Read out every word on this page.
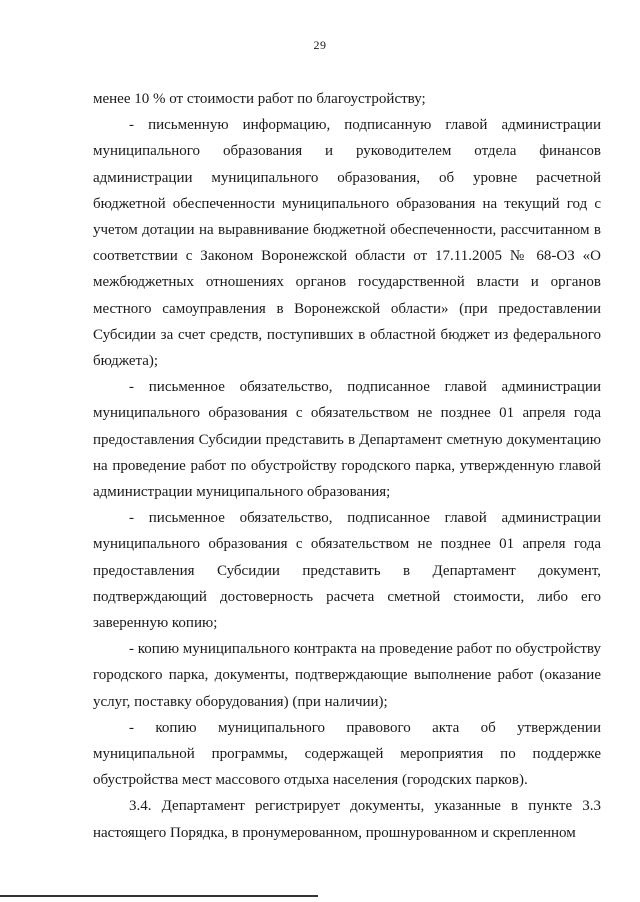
29

менее 10 % от стоимости работ по благоустройству;

- письменную информацию, подписанную главой администрации муниципального образования и руководителем отдела финансов администрации муниципального образования, об уровне расчетной бюджетной обеспеченности муниципального образования на текущий год с учетом дотации на выравнивание бюджетной обеспеченности, рассчитанном в соответствии с Законом Воронежской области от 17.11.2005 № 68-ОЗ «О межбюджетных отношениях органов государственной власти и органов местного самоуправления в Воронежской области» (при предоставлении Субсидии за счет средств, поступивших в областной бюджет из федерального бюджета);

- письменное обязательство, подписанное главой администрации муниципального образования с обязательством не позднее 01 апреля года предоставления Субсидии представить в Департамент сметную документацию на проведение работ по обустройству городского парка, утвержденную главой администрации муниципального образования;

- письменное обязательство, подписанное главой администрации муниципального образования с обязательством не позднее 01 апреля года предоставления Субсидии представить в Департамент документ, подтверждающий достоверность расчета сметной стоимости, либо его заверенную копию;

- копию муниципального контракта на проведение работ по обустройству городского парка, документы, подтверждающие выполнение работ (оказание услуг, поставку оборудования) (при наличии);

- копию муниципального правового акта об утверждении муниципальной программы, содержащей мероприятия по поддержке обустройства мест массового отдыха населения (городских парков).

3.4. Департамент регистрирует документы, указанные в пункте 3.3 настоящего Порядка, в пронумерованном, прошнурованном и скрепленном
